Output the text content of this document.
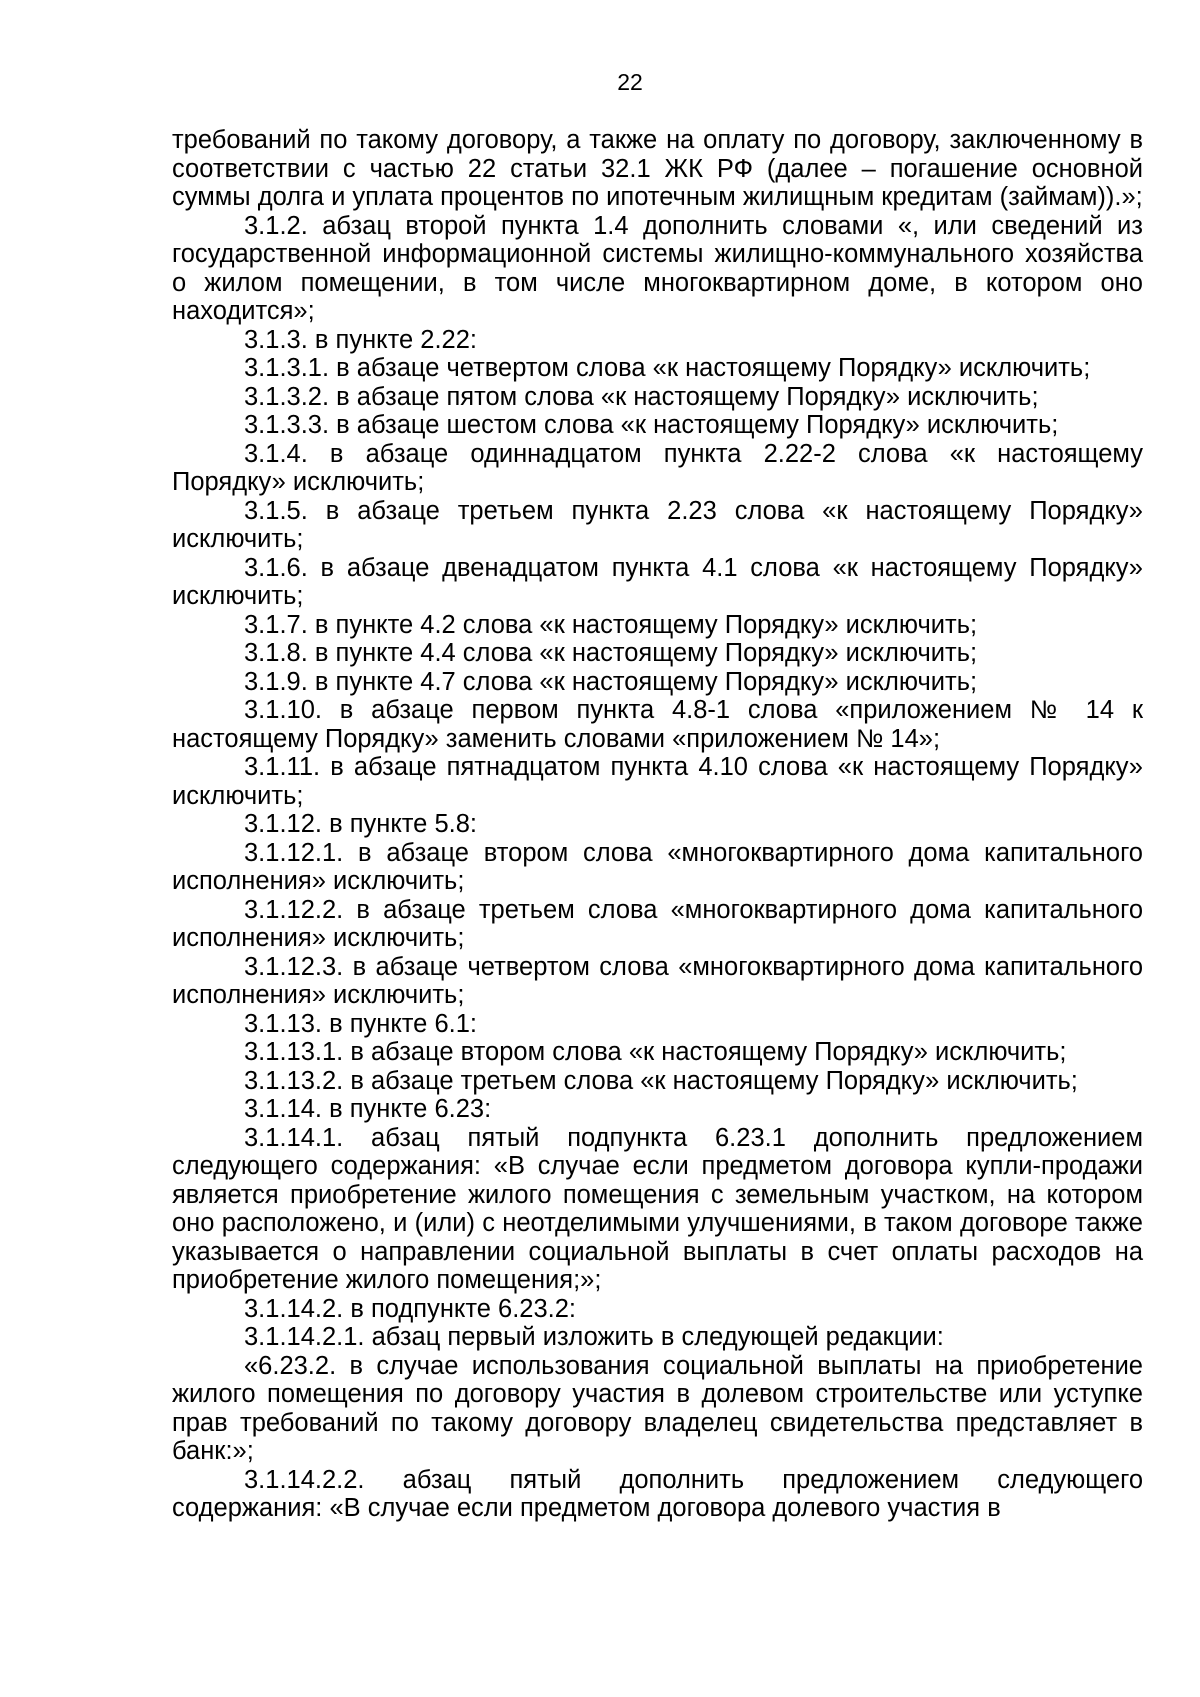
22

требований по такому договору, а также на оплату по договору, заключенному в соответствии с частью 22 статьи 32.1 ЖК РФ (далее – погашение основной суммы долга и уплата процентов по ипотечным жилищным кредитам (займам)).»;

3.1.2. абзац второй пункта 1.4 дополнить словами «, или сведений из государственной информационной системы жилищно-коммунального хозяйства о жилом помещении, в том числе многоквартирном доме, в котором оно находится»;

3.1.3. в пункте 2.22:

3.1.3.1. в абзаце четвертом слова «к настоящему Порядку» исключить;

3.1.3.2. в абзаце пятом слова «к настоящему Порядку» исключить;

3.1.3.3. в абзаце шестом слова «к настоящему Порядку» исключить;

3.1.4. в абзаце одиннадцатом пункта 2.22-2 слова «к настоящему Порядку» исключить;

3.1.5. в абзаце третьем пункта 2.23 слова «к настоящему Порядку» исключить;

3.1.6. в абзаце двенадцатом пункта 4.1 слова «к настоящему Порядку» исключить;

3.1.7. в пункте 4.2 слова «к настоящему Порядку» исключить;

3.1.8. в пункте 4.4 слова «к настоящему Порядку» исключить;

3.1.9. в пункте 4.7 слова «к настоящему Порядку» исключить;

3.1.10. в абзаце первом пункта 4.8-1 слова «приложением № 14 к настоящему Порядку» заменить словами «приложением № 14»;

3.1.11. в абзаце пятнадцатом пункта 4.10 слова «к настоящему Порядку» исключить;

3.1.12. в пункте 5.8:

3.1.12.1. в абзаце втором слова «многоквартирного дома капитального исполнения» исключить;

3.1.12.2. в абзаце третьем слова «многоквартирного дома капитального исполнения» исключить;

3.1.12.3. в абзаце четвертом слова «многоквартирного дома капитального исполнения» исключить;

3.1.13. в пункте 6.1:

3.1.13.1. в абзаце втором слова «к настоящему Порядку» исключить;

3.1.13.2. в абзаце третьем слова «к настоящему Порядку» исключить;

3.1.14. в пункте 6.23:

3.1.14.1. абзац пятый подпункта 6.23.1 дополнить предложением следующего содержания: «В случае если предметом договора купли-продажи является приобретение жилого помещения с земельным участком, на котором оно расположено, и (или) с неотделимыми улучшениями, в таком договоре также указывается о направлении социальной выплаты в счет оплаты расходов на приобретение жилого помещения;»;

3.1.14.2. в подпункте 6.23.2:

3.1.14.2.1. абзац первый изложить в следующей редакции:

«6.23.2. в случае использования социальной выплаты на приобретение жилого помещения по договору участия в долевом строительстве или уступке прав требований по такому договору владелец свидетельства представляет в банк:»;

3.1.14.2.2. абзац пятый дополнить предложением следующего содержания: «В случае если предметом договора долевого участия в
